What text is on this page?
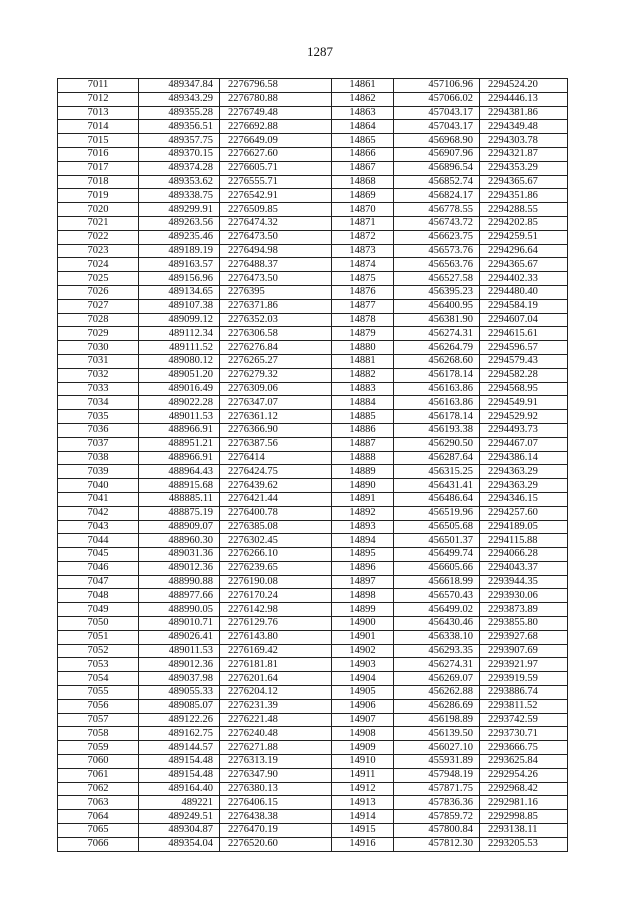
1287
7011	489347.84	2276796.58	14861	457106.96	2294524.20
7012	489343.29	2276780.88	14862	457066.02	2294446.13
7013	489355.28	2276749.48	14863	457043.17	2294381.86
7014	489356.51	2276692.88	14864	457043.17	2294349.48
7015	489357.75	2276649.09	14865	456968.90	2294303.78
7016	489370.15	2276627.60	14866	456907.96	2294321.87
7017	489374.28	2276605.71	14867	456896.54	2294353.29
7018	489353.62	2276555.71	14868	456852.74	2294365.67
7019	489338.75	2276542.91	14869	456824.17	2294351.86
7020	489299.91	2276509.85	14870	456778.55	2294288.55
7021	489263.56	2276474.32	14871	456743.72	2294202.85
7022	489235.46	2276473.50	14872	456623.75	2294259.51
7023	489189.19	2276494.98	14873	456573.76	2294296.64
7024	489163.57	2276488.37	14874	456563.76	2294365.67
7025	489156.96	2276473.50	14875	456527.58	2294402.33
7026	489134.65	2276395	14876	456395.23	2294480.40
7027	489107.38	2276371.86	14877	456400.95	2294584.19
7028	489099.12	2276352.03	14878	456381.90	2294607.04
7029	489112.34	2276306.58	14879	456274.31	2294615.61
7030	489111.52	2276276.84	14880	456264.79	2294596.57
7031	489080.12	2276265.27	14881	456268.60	2294579.43
7032	489051.20	2276279.32	14882	456178.14	2294582.28
7033	489016.49	2276309.06	14883	456163.86	2294568.95
7034	489022.28	2276347.07	14884	456163.86	2294549.91
7035	489011.53	2276361.12	14885	456178.14	2294529.92
7036	488966.91	2276366.90	14886	456193.38	2294493.73
7037	488951.21	2276387.56	14887	456290.50	2294467.07
7038	488966.91	2276414	14888	456287.64	2294386.14
7039	488964.43	2276424.75	14889	456315.25	2294363.29
7040	488915.68	2276439.62	14890	456431.41	2294363.29
7041	488885.11	2276421.44	14891	456486.64	2294346.15
7042	488875.19	2276400.78	14892	456519.96	2294257.60
7043	488909.07	2276385.08	14893	456505.68	2294189.05
7044	488960.30	2276302.45	14894	456501.37	2294115.88
7045	489031.36	2276266.10	14895	456499.74	2294066.28
7046	489012.36	2276239.65	14896	456605.66	2294043.37
7047	488990.88	2276190.08	14897	456618.99	2293944.35
7048	488977.66	2276170.24	14898	456570.43	2293930.06
7049	488990.05	2276142.98	14899	456499.02	2293873.89
7050	489010.71	2276129.76	14900	456430.46	2293855.80
7051	489026.41	2276143.80	14901	456338.10	2293927.68
7052	489011.53	2276169.42	14902	456293.35	2293907.69
7053	489012.36	2276181.81	14903	456274.31	2293921.97
7054	489037.98	2276201.64	14904	456269.07	2293919.59
7055	489055.33	2276204.12	14905	456262.88	2293886.74
7056	489085.07	2276231.39	14906	456286.69	2293811.52
7057	489122.26	2276221.48	14907	456198.89	2293742.59
7058	489162.75	2276240.48	14908	456139.50	2293730.71
7059	489144.57	2276271.88	14909	456027.10	2293666.75
7060	489154.48	2276313.19	14910	455931.89	2293625.84
7061	489154.48	2276347.90	14911	457948.19	2292954.26
7062	489164.40	2276380.13	14912	457871.75	2292968.42
7063	489221	2276406.15	14913	457836.36	2292981.16
7064	489249.51	2276438.38	14914	457859.72	2292998.85
7065	489304.87	2276470.19	14915	457800.84	2293138.11
7066	489354.04	2276520.60	14916	457812.30	2293205.53
